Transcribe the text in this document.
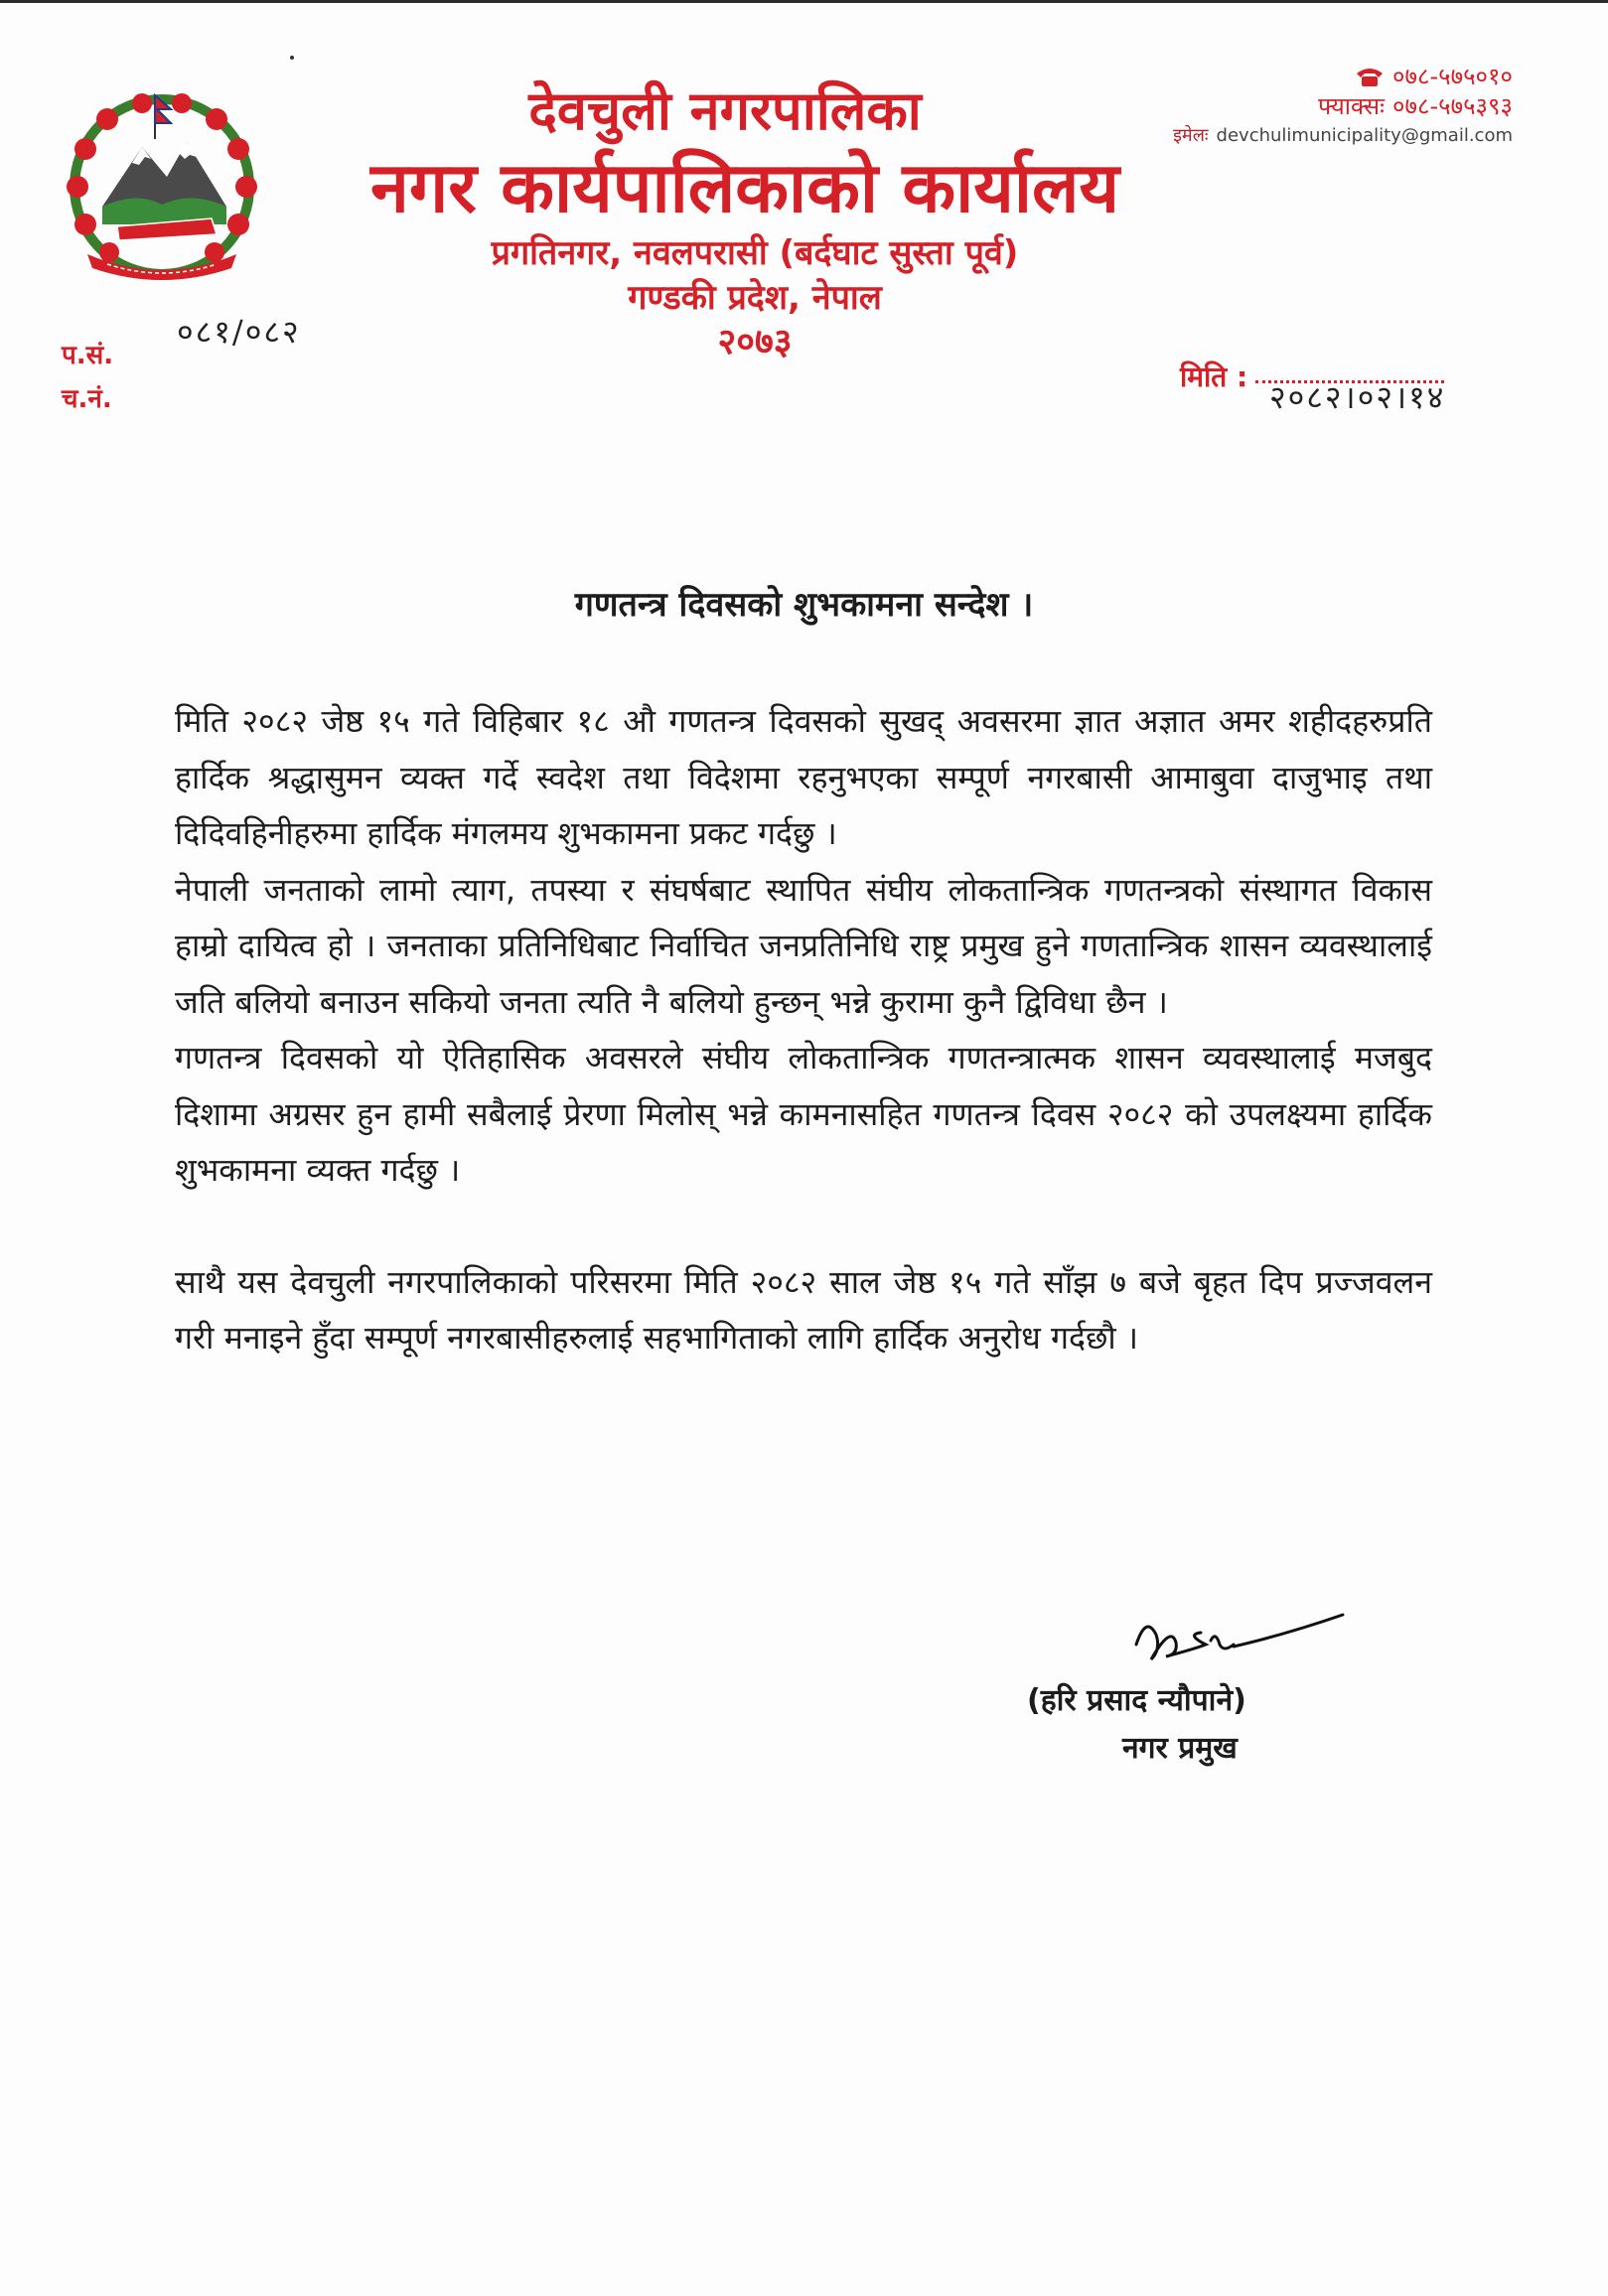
देवचुली नगरपालिका
नगर कार्यपालिकाको कार्यालय
प्रगतिनगर, नवलपरासी (बर्दघाट सुस्ता पूर्व)
गण्डकी प्रदेश, नेपाल
२०७३
०७८-५७५०१०
फ्याक्सः ०७८-५७५३९३
इमेलः devchulimunicipality@gmail.com
प.सं.
च.नं.
०८१/०८२
मिति :
२०८२।०२।१४
गणतन्त्र दिवसको शुभकामना सन्देश ।

मिति २०८२ जेष्ठ १५ गते विहिबार १८ औ गणतन्त्र दिवसको सुखद् अवसरमा ज्ञात अज्ञात अमर शहीदहरुप्रति हार्दिक श्रद्धासुमन व्यक्त गर्दे स्वदेश तथा विदेशमा रहनुभएका सम्पूर्ण नगरबासी आमाबुवा दाजुभाइ तथा दिदिवहिनीहरुमा हार्दिक मंगलमय शुभकामना प्रकट गर्दछु ।

नेपाली जनताको लामो त्याग, तपस्या र संघर्षबाट स्थापित संघीय लोकतान्त्रिक गणतन्त्रको संस्थागत विकास हाम्रो दायित्व हो । जनताका प्रतिनिधिबाट निर्वाचित जनप्रतिनिधि राष्ट्र प्रमुख हुने गणतान्त्रिक शासन व्यवस्थालाई जति बलियो बनाउन सकियो जनता त्यति नै बलियो हुन्छन् भन्ने कुरामा कुनै द्विविधा छैन ।

गणतन्त्र दिवसको यो ऐतिहासिक अवसरले संघीय लोकतान्त्रिक गणतन्त्रात्मक शासन व्यवस्थालाई मजबुद दिशामा अग्रसर हुन हामी सबैलाई प्रेरणा मिलोस् भन्ने कामनासहित गणतन्त्र दिवस २०८२ को उपलक्ष्यमा हार्दिक शुभकामना व्यक्त गर्दछु ।

साथै यस देवचुली नगरपालिकाको परिसरमा मिति २०८२ साल जेष्ठ १५ गते साँझ ७ बजे बृहत दिप प्रज्जवलन गरी मनाइने हुँदा सम्पूर्ण नगरबासीहरुलाई सहभागिताको लागि हार्दिक अनुरोध गर्दछौ ।

(हरि प्रसाद न्यौपाने)
नगर प्रमुख
